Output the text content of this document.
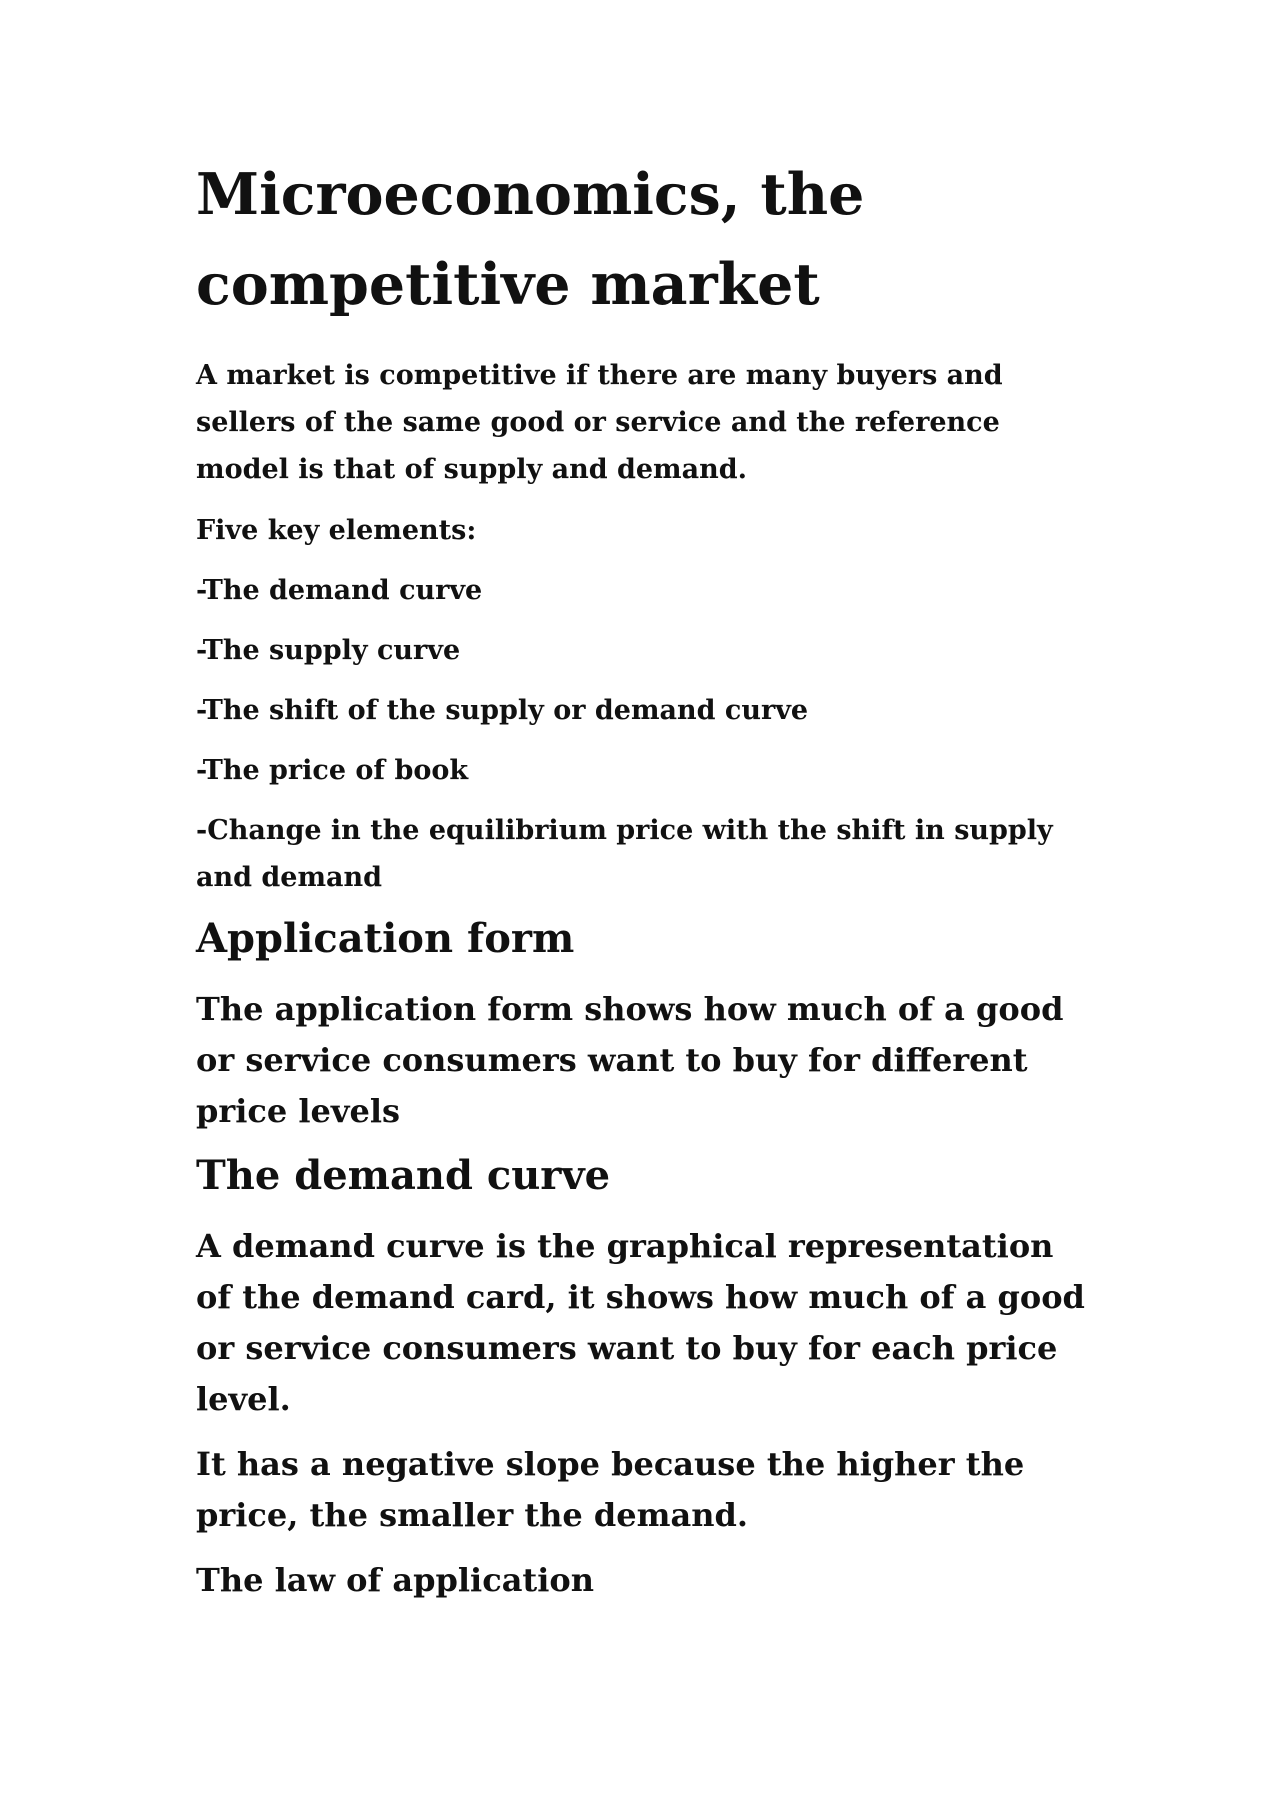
Microeconomics, the competitive market

A market is competitive if there are many buyers and sellers of the same good or service and the reference model is that of supply and demand.

Five key elements:

-The demand curve

-The supply curve

-The shift of the supply or demand curve

-The price of book

-Change in the equilibrium price with the shift in supply and demand

Application form

The application form shows how much of a good or service consumers want to buy for different price levels

The demand curve

A demand curve is the graphical representation of the demand card, it shows how much of a good or service consumers want to buy for each price level.

It has a negative slope because the higher the price, the smaller the demand.

The law of application
